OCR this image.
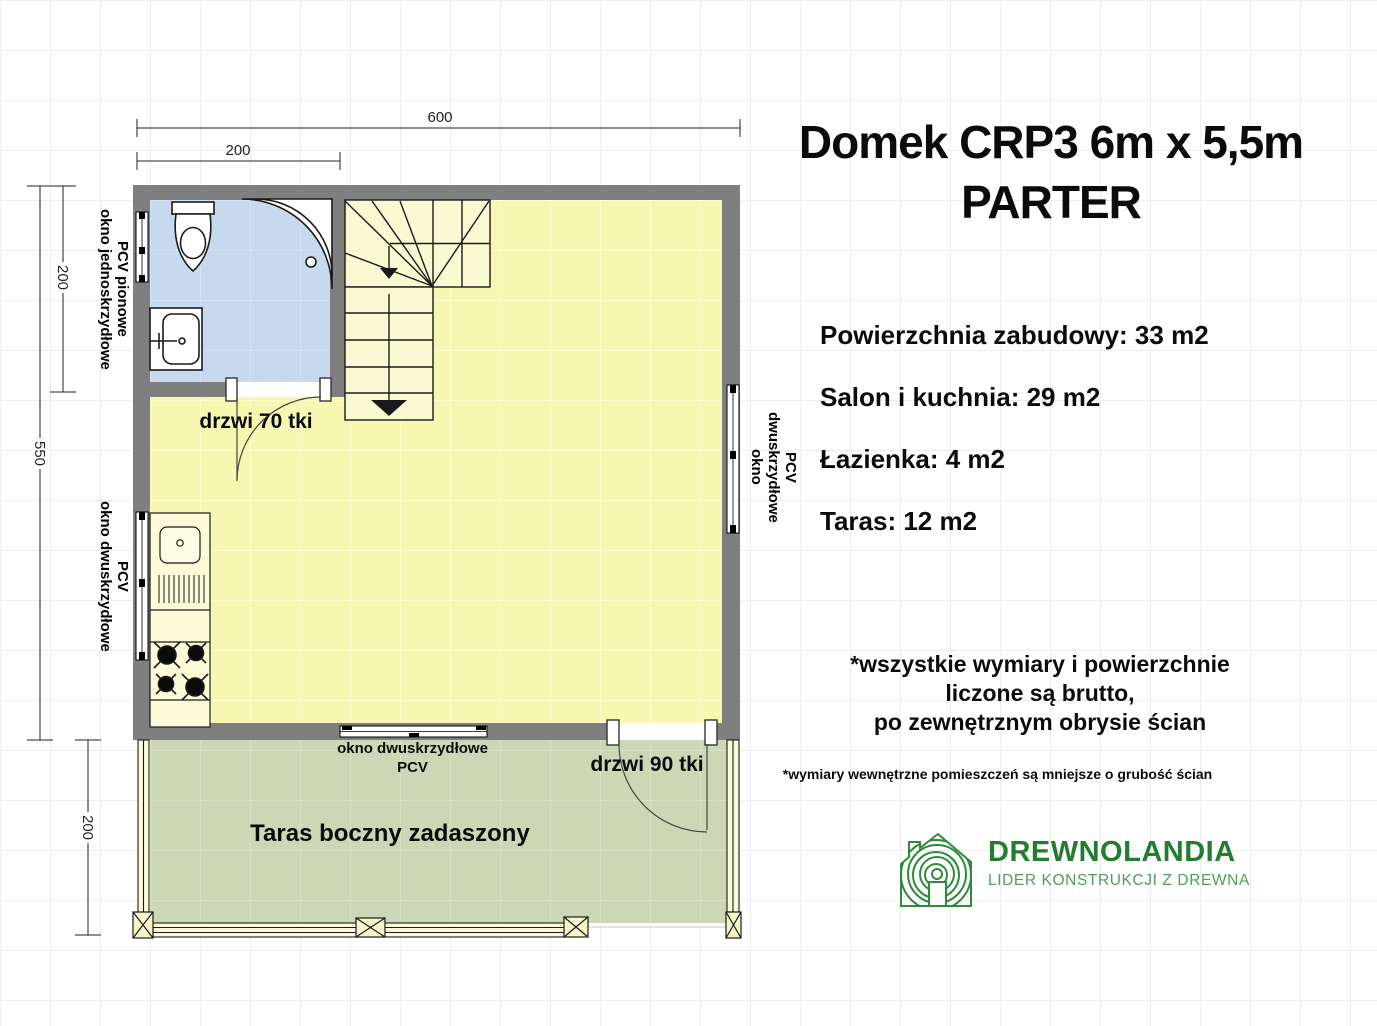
600
200
200
550
200
okno jednoskrzydłowe PCV pionowe
okno dwuskrzydłowe PCV
okno dwuskrzydłowe PCV
okno dwuskrzydłowe
PCV
drzwi 70 tki
drzwi 90 tki
Taras boczny zadaszony
Domek CRP3 6m x 5,5m
PARTER
Powierzchnia zabudowy: 33 m2
Salon i kuchnia: 29 m2
Łazienka: 4 m2
Taras: 12 m2
*wszystkie wymiary i powierzchnie
liczone są brutto,
po zewnętrznym obrysie ścian
*wymiary wewnętrzne pomieszczeń są mniejsze o grubość ścian
DREWNOLANDIA
LIDER KONSTRUKCJI Z DREWNA
